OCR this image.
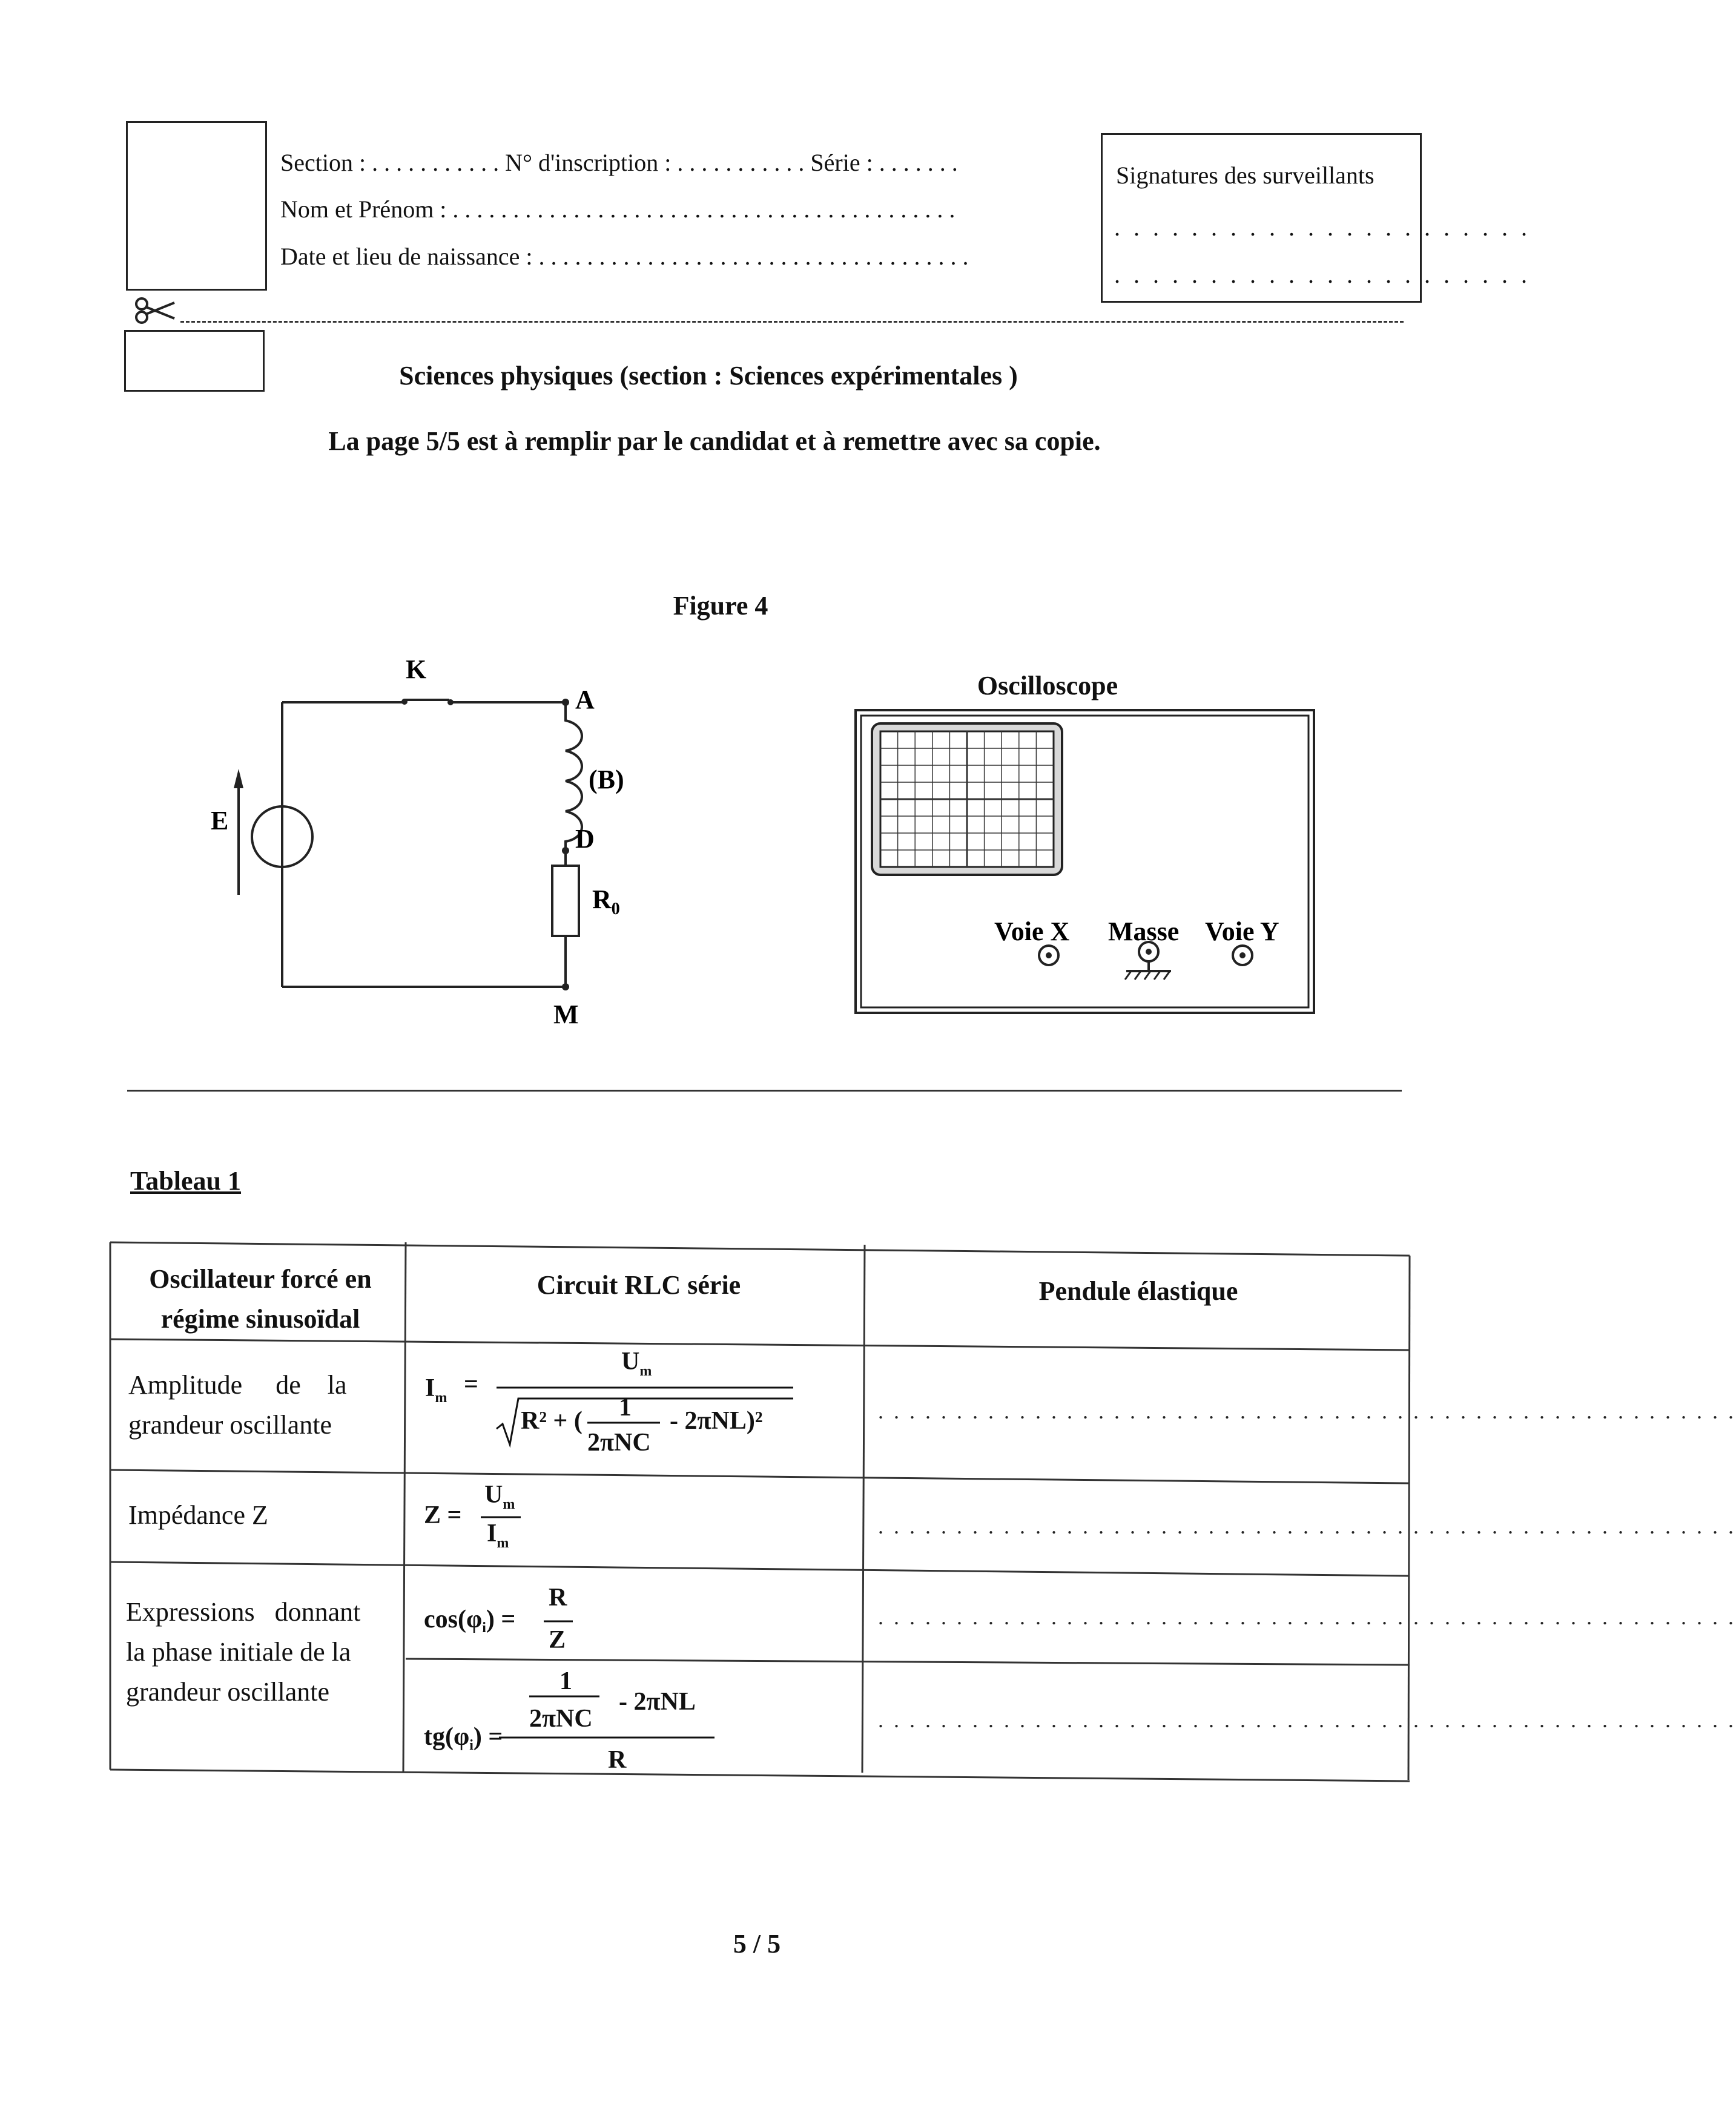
Section : . . . . . . . . . . . N° d'inscription : . . . . . . . . . . . Série : . . . . . . .
Nom et Prénom : . . . . . . . . . . . . . . . . . . . . . . . . . . . . . . . . . . . . . . . . . .
Date et lieu de naissance : . . . . . . . . . . . . . . . . . . . . . . . . . . . . . . . . . . . .
Signatures des surveillants
. . . . . . . . . . . . . . . . . . . . . .
. . . . . . . . . . . . . . . . . . . . . .
Sciences physiques (section : Sciences expérimentales )
La page 5/5 est à remplir par le candidat et à remettre avec sa copie.
Figure 4
K
A
(B)
D
$R_0$
E
M
Oscilloscope
Voie X Masse Voie Y
Tableau 1
Oscillateur forcé en
régime sinusoïdal
Circuit RLC série	Pendule élastique
Amplitude     de    la
grandeur oscillante
Impédance Z
Expressions   donnant
la phase initiale de la
grandeur oscillante
$I_m$ =
$U_m$
R² + ( 1
2πNC
- 2πNL)²
Z =
$U_m$
$I_m$
cos(φi) =
R
Z
1
2πNC
- 2πNL
tg(φi) =
R
. . . . . . . . . . . . . . . . . . . . . . . . . . . . . . . . . . . . . . . . . . . . . . . . . . . . . . .
. . . . . . . . . . . . . . . . . . . . . . . . . . . . . . . . . . . . . . . . . . . . . . . . . . . . . . .
. . . . . . . . . . . . . . . . . . . . . . . . . . . . . . . . . . . . . . . . . . . . . . . . . . . . . . .
. . . . . . . . . . . . . . . . . . . . . . . . . . . . . . . . . . . . . . . . . . . . . . . . . . . . . . .
5 / 5
